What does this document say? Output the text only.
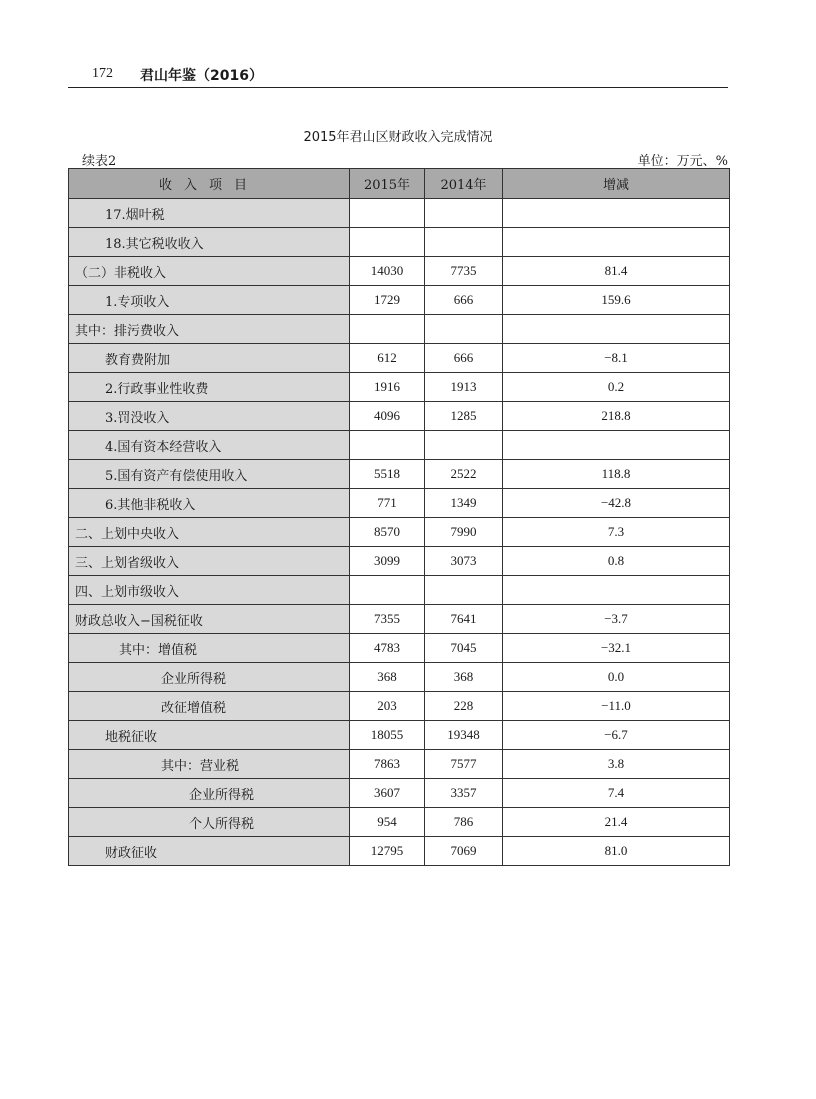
172 君山年鉴（2016）
2015年君山区财政收入完成情况
续表2	单位：万元、%
收入项目	2015年	2014年	增减
17.烟叶税			
18.其它税收收入			
（二）非税收入	14030	7735	81.4
1.专项收入	1729	666	159.6
其中：排污费收入			
教育费附加	612	666	−8.1
2.行政事业性收费	1916	1913	0.2
3.罚没收入	4096	1285	218.8
4.国有资本经营收入			
5.国有资产有偿使用收入	5518	2522	118.8
6.其他非税收入	771	1349	−42.8
二、上划中央收入	8570	7990	7.3
三、上划省级收入	3099	3073	0.8
四、上划市级收入			
财政总收入−国税征收	7355	7641	−3.7
其中：增值税	4783	7045	−32.1
企业所得税	368	368	0.0
改征增值税	203	228	−11.0
地税征收	18055	19348	−6.7
其中：营业税	7863	7577	3.8
企业所得税	3607	3357	7.4
个人所得税	954	786	21.4
财政征收	12795	7069	81.0
